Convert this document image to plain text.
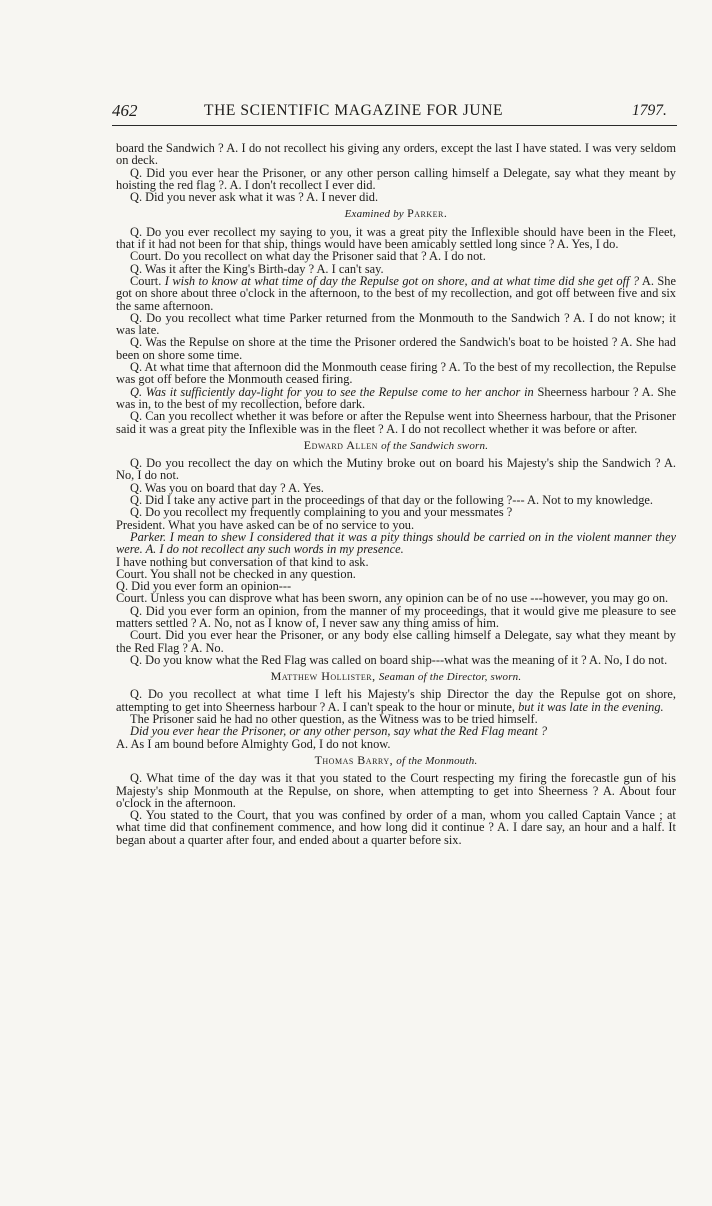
462	THE SCIENTIFIC MAGAZINE FOR JUNE	1797.

board the Sandwich ? A. I do not recollect his giving any orders, except the last I have stated. I was very seldom on deck.

Q. Did you ever hear the Prisoner, or any other person calling himself a Delegate, say what they meant by hoisting the red flag ?. A. I don't recollect I ever did.

Q. Did you never ask what it was ? A. I never did.

Examined by Parker.

Q. Do you ever recollect my saying to you, it was a great pity the Inflexible should have been in the Fleet, that if it had not been for that ship, things would have been amicably settled long since ? A. Yes, I do.

Court. Do you recollect on what day the Prisoner said that ? A. I do not.

Q. Was it after the King's Birth-day ? A. I can't say.

Court. I wish to know at what time of day the Repulse got on shore, and at what time did she get off ? A. She got on shore about three o'clock in the afternoon, to the best of my recollection, and got off between five and six the same afternoon.

Q. Do you recollect what time Parker returned from the Monmouth to the Sandwich ? A. I do not know; it was late.

Q. Was the Repulse on shore at the time the Prisoner ordered the Sandwich's boat to be hoisted ? A. She had been on shore some time.

Q. At what time that afternoon did the Monmouth cease firing ? A. To the best of my recollection, the Repulse was got off before the Monmouth ceased firing.

Q. Was it sufficiently day-light for you to see the Repulse come to her anchor in Sheerness harbour ? A. She was in, to the best of my recollection, before dark.

Q. Can you recollect whether it was before or after the Repulse went into Sheerness harbour, that the Prisoner said it was a great pity the Inflexible was in the fleet ? A. I do not recollect whether it was before or after.

Edward Allen of the Sandwich sworn.

Q. Do you recollect the day on which the Mutiny broke out on board his Majesty's ship the Sandwich ? A. No, I do not.

Q. Was you on board that day ? A. Yes.

Q. Did I take any active part in the proceedings of that day or the following ?--- A. Not to my knowledge.

Q. Do you recollect my frequently complaining to you and your messmates ?

President. What you have asked can be of no service to you.

Parker. I mean to shew I considered that it was a pity things should be carried on in the violent manner they were. A. I do not recollect any such words in my presence.

I have nothing but conversation of that kind to ask.

Court. You shall not be checked in any question.

Q. Did you ever form an opinion---

Court. Unless you can disprove what has been sworn, any opinion can be of no use ---however, you may go on.

Q. Did you ever form an opinion, from the manner of my proceedings, that it would give me pleasure to see matters settled ? A. No, not as I know of, I never saw any thing amiss of him.

Court. Did you ever hear the Prisoner, or any body else calling himself a Delegate, say what they meant by the Red Flag ? A. No.

Q. Do you know what the Red Flag was called on board ship---what was the meaning of it ? A. No, I do not.

Matthew Hollister, Seaman of the Director, sworn.

Q. Do you recollect at what time I left his Majesty's ship Director the day the Repulse got on shore, attempting to get into Sheerness harbour ? A. I can't speak to the hour or minute, but it was late in the evening.

The Prisoner said he had no other question, as the Witness was to be tried himself.

Did you ever hear the Prisoner, or any other person, say what the Red Flag meant ?

A. As I am bound before Almighty God, I do not know.

Thomas Barry, of the Monmouth.

Q. What time of the day was it that you stated to the Court respecting my firing the forecastle gun of his Majesty's ship Monmouth at the Repulse, on shore, when attempting to get into Sheerness ? A. About four o'clock in the afternoon.

Q. You stated to the Court, that you was confined by order of a man, whom you called Captain Vance ; at what time did that confinement commence, and how long did it continue ? A. I dare say, an hour and a half. It began about a quarter after four, and ended about a quarter before six.
